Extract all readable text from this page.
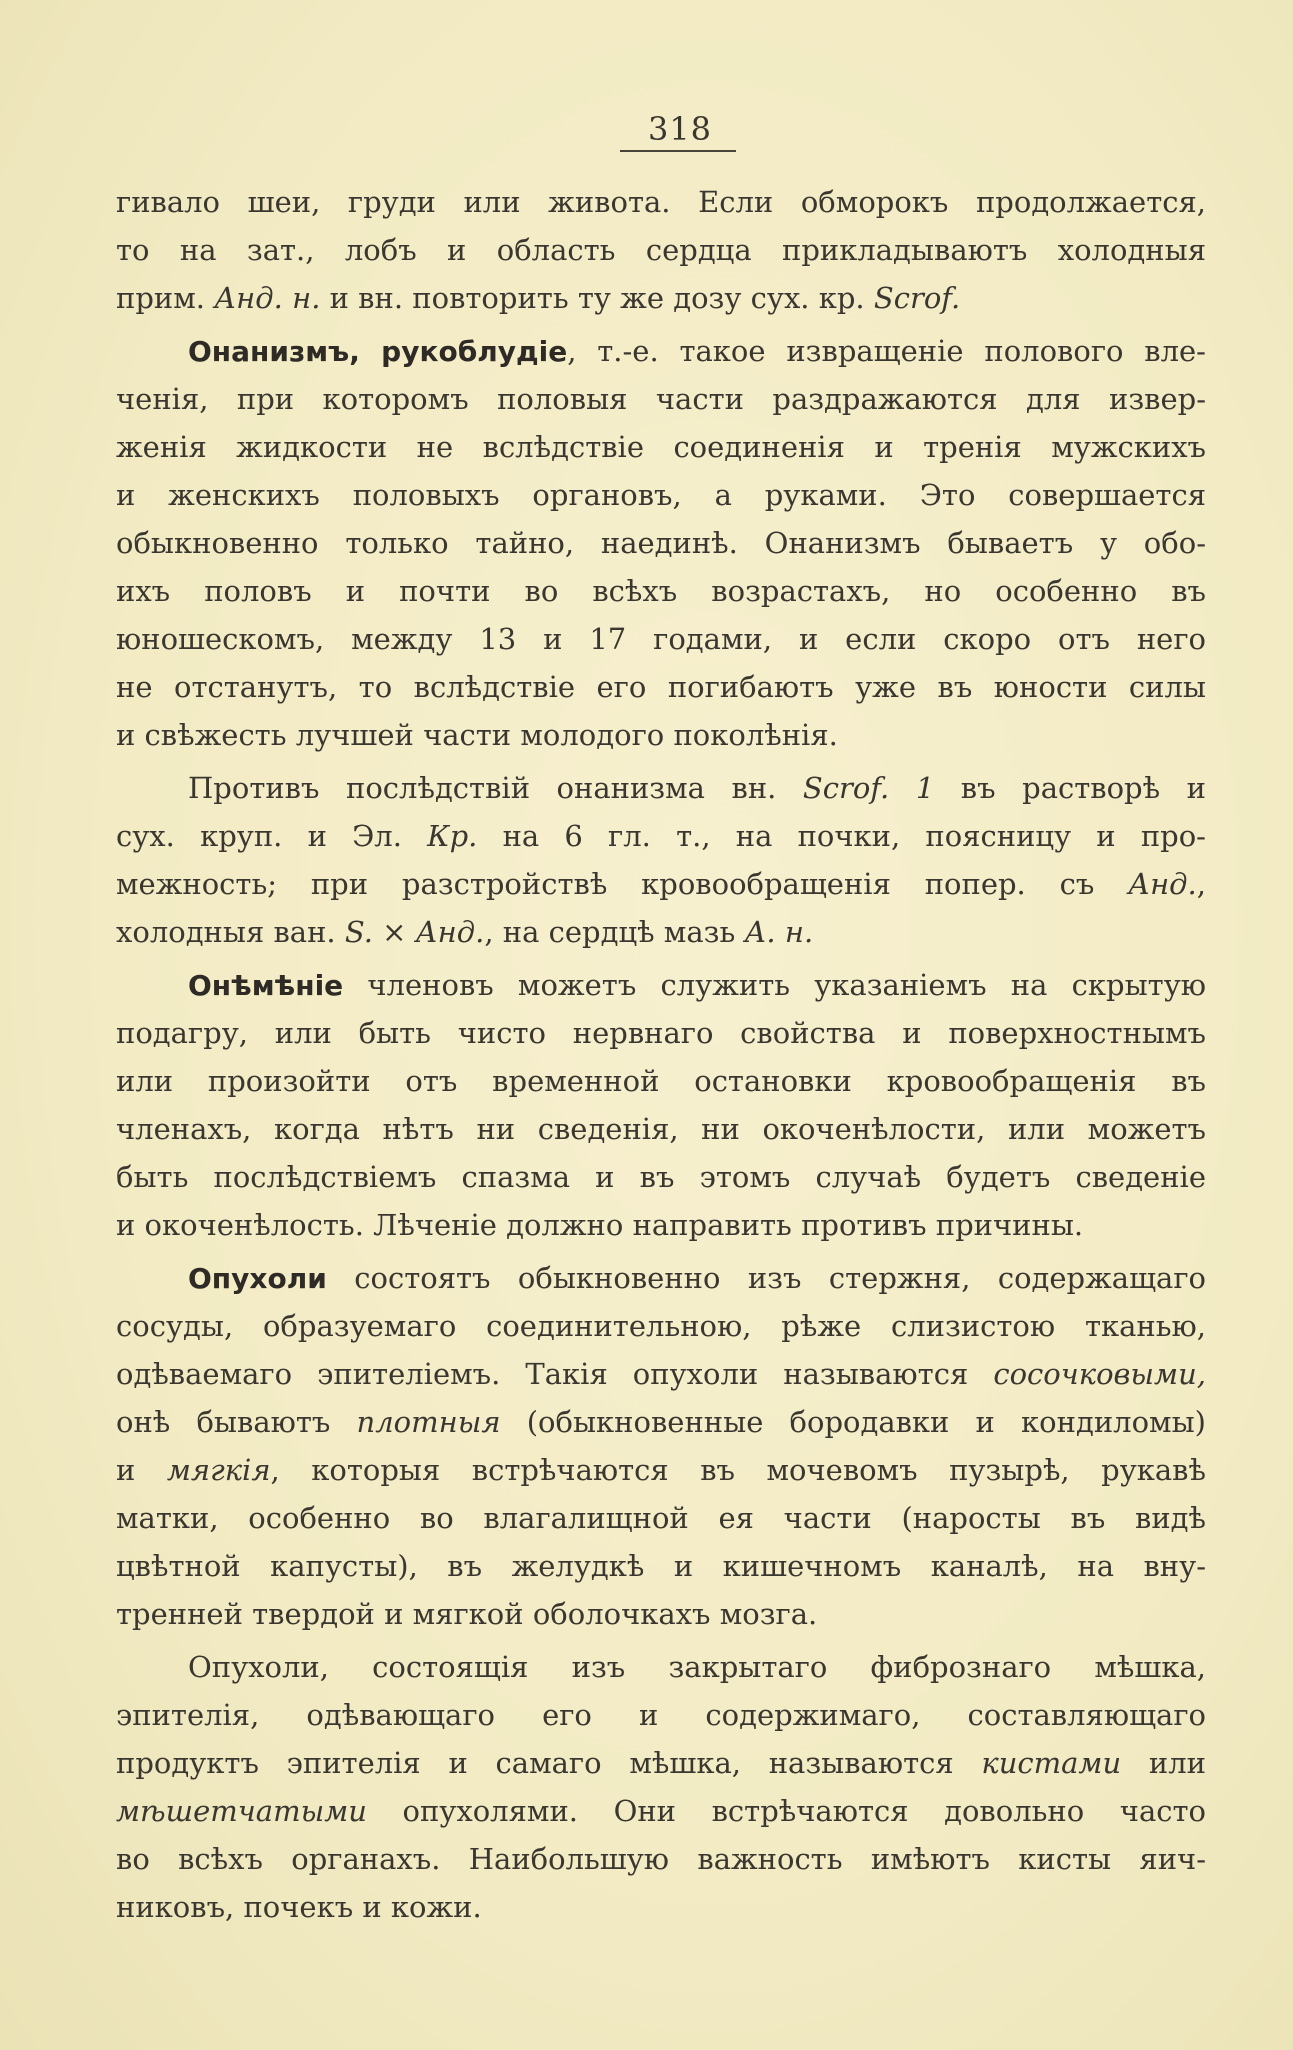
318
гивало шеи, груди или живота. Если обморокъ продолжается,
то на зат., лобъ и область сердца прикладываютъ холодныя
прим. Анд. н. и вн. повторить ту же дозу сух. кр. Scrof.
Онанизмъ, рукоблудіе, т.-е. такое извращеніе полового вле-
ченія, при которомъ половыя части раздражаются для извер-
женія жидкости не вслѣдствіе соединенія и тренія мужскихъ
и женскихъ половыхъ органовъ, а руками. Это совершается
обыкновенно только тайно, наединѣ. Онанизмъ бываетъ у обо-
ихъ половъ и почти во всѣхъ возрастахъ, но особенно въ
юношескомъ, между 13 и 17 годами, и если скоро отъ него
не отстанутъ, то вслѣдствіе его погибаютъ уже въ юности силы
и свѣжесть лучшей части молодого поколѣнія.
Противъ послѣдствій онанизма вн. Scrof. 1 въ растворѣ и
сух. круп. и Эл. Кр. на 6 гл. т., на почки, поясницу и про-
межность; при разстройствѣ кровообращенія попер. съ Анд.,
холодныя ван. S. × Анд., на сердцѣ мазь А. н.
Онѣмѣніе членовъ можетъ служить указаніемъ на скрытую
подагру, или быть чисто нервнаго свойства и поверхностнымъ
или произойти отъ временной остановки кровообращенія въ
членахъ, когда нѣтъ ни сведенія, ни окоченѣлости, или можетъ
быть послѣдствіемъ спазма и въ этомъ случаѣ будетъ сведеніе
и окоченѣлость. Лѣченіе должно направить противъ причины.
Опухоли состоятъ обыкновенно изъ стержня, содержащаго
сосуды, образуемаго соединительною, рѣже слизистою тканью,
одѣваемаго эпителіемъ. Такія опухоли называются сосочковыми,
онѣ бываютъ плотныя (обыкновенные бородавки и кондиломы)
и мягкія, которыя встрѣчаются въ мочевомъ пузырѣ, рукавѣ
матки, особенно во влагалищной ея части (наросты въ видѣ
цвѣтной капусты), въ желудкѣ и кишечномъ каналѣ, на вну-
тренней твердой и мягкой оболочкахъ мозга.
Опухоли, состоящія изъ закрытаго фибрознаго мѣшка,
эпителія, одѣвающаго его и содержимаго, составляющаго
продуктъ эпителія и самаго мѣшка, называются кистами или
мѣшетчатыми опухолями. Они встрѣчаются довольно часто
во всѣхъ органахъ. Наибольшую важность имѣютъ кисты яич-
никовъ, почекъ и кожи.
